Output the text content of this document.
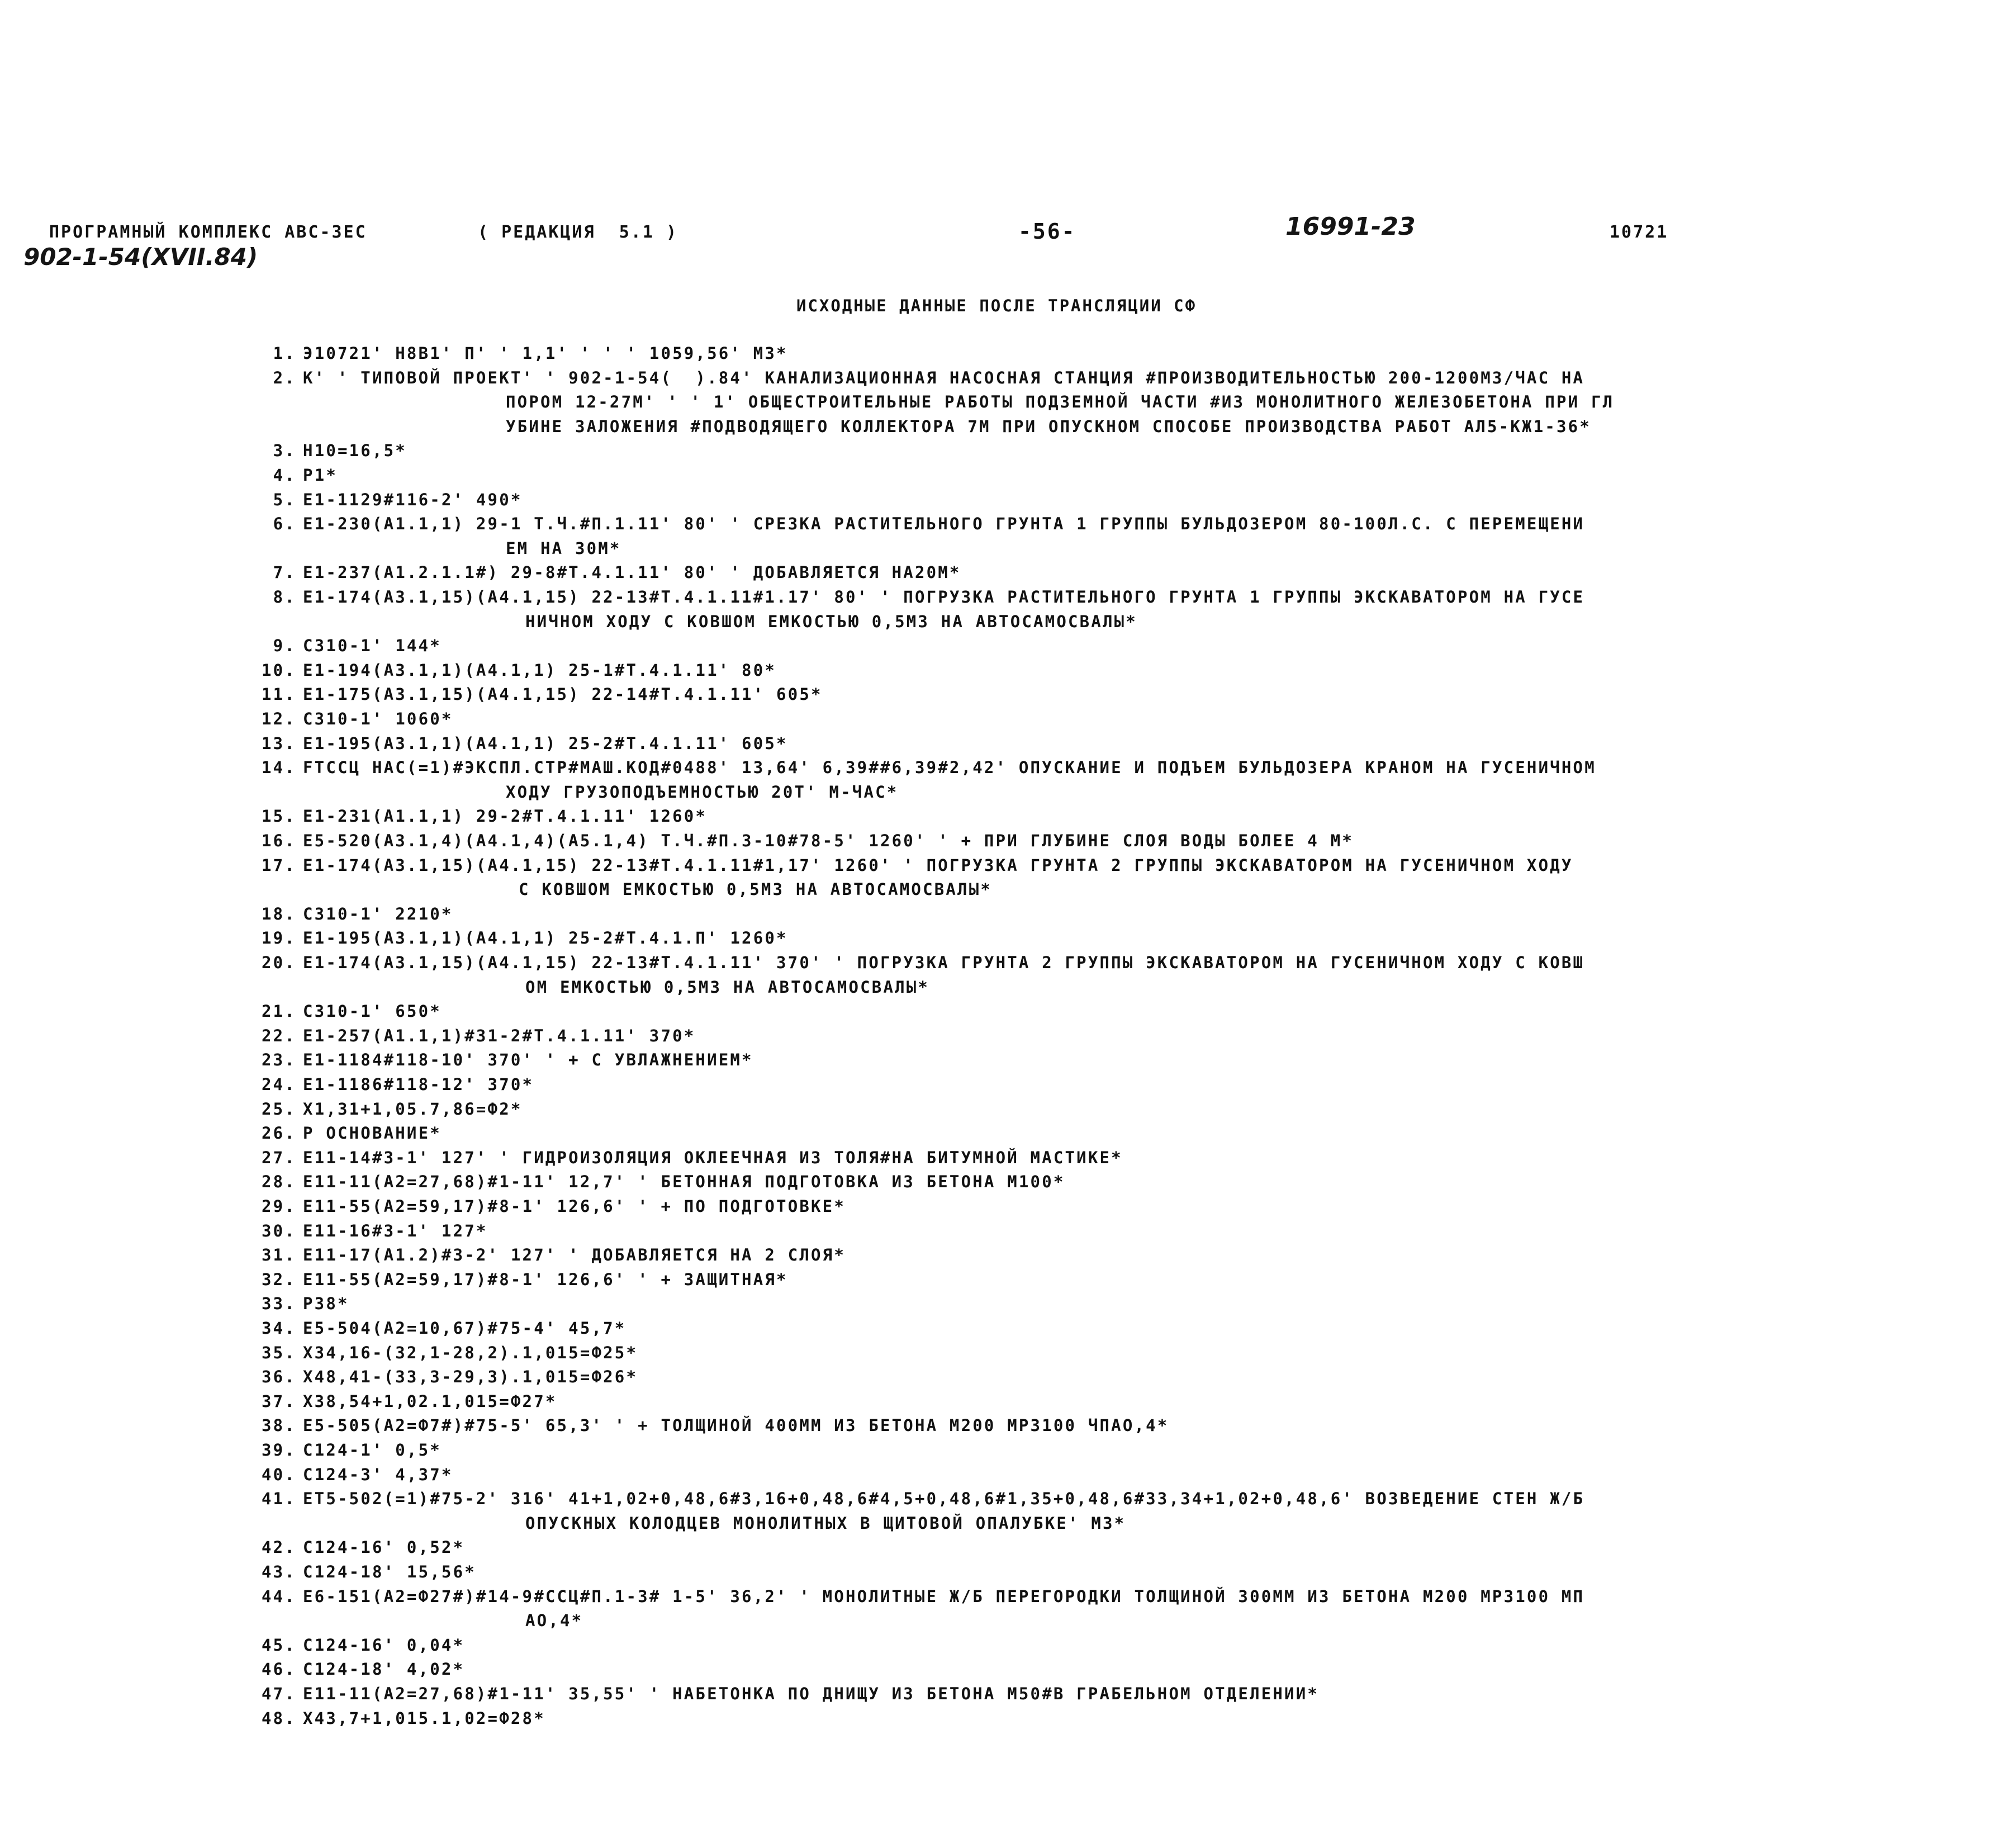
ПРОГРАМНЫЙ КОМПЛЕКС АВС-3ЕС	( РЕДАКЦИЯ  5.1 )	-56-	16991-23	10721
902-1-54(XVII.84)
ИСХОДНЫЕ ДАННЫЕ ПОСЛЕ ТРАНСЛЯЦИИ СФ
1. Э10721' Н8В1' П' ' 1,1' ' ' ' 1059,56' М3*
2. К' ' ТИПОВОЙ ПРОЕКТ' ' 902-1-54(  ).84' КАНАЛИЗАЦИОННАЯ НАСОСНАЯ СТАНЦИЯ #ПРОИЗВОДИТЕЛЬНОСТЬЮ 200-1200М3/ЧАС НА
ПОРОМ 12-27М' ' ' 1' ОБЩЕСТРОИТЕЛЬНЫЕ РАБОТЫ ПОДЗЕМНОЙ ЧАСТИ #ИЗ МОНОЛИТНОГО ЖЕЛЕЗОБЕТОНА ПРИ ГЛ
УБИНЕ ЗАЛОЖЕНИЯ #ПОДВОДЯЩЕГО КОЛЛЕКТОРА 7М ПРИ ОПУСКНОМ СПОСОБЕ ПРОИЗВОДСТВА РАБОТ АЛ5-КЖ1-36*
3. Н10=16,5*
4. Р1*
5. Е1-1129#116-2' 490*
6. Е1-230(А1.1,1) 29-1 Т.Ч.#П.1.11' 80' ' СРЕЗКА РАСТИТЕЛЬНОГО ГРУНТА 1 ГРУППЫ БУЛЬДОЗЕРОМ 80-100Л.С. С ПЕРЕМЕЩЕНИ
ЕМ НА 30М*
7. Е1-237(А1.2.1.1#) 29-8#Т.4.1.11' 80' ' ДОБАВЛЯЕТСЯ НА20М*
8. Е1-174(А3.1,15)(А4.1,15) 22-13#Т.4.1.11#1.17' 80' ' ПОГРУЗКА РАСТИТЕЛЬНОГО ГРУНТА 1 ГРУППЫ ЭКСКАВАТОРОМ НА ГУСЕ
НИЧНОМ ХОДУ С КОВШОМ ЕМКОСТЬЮ 0,5М3 НА АВТОСАМОСВАЛЫ*
9. С310-1' 144*
10. Е1-194(А3.1,1)(А4.1,1) 25-1#Т.4.1.11' 80*
11. Е1-175(А3.1,15)(А4.1,15) 22-14#Т.4.1.11' 605*
12. С310-1' 1060*
13. Е1-195(А3.1,1)(А4.1,1) 25-2#Т.4.1.11' 605*
14. FТССЦ НАС(=1)#ЭКСПЛ.СТР#МАШ.КОД#0488' 13,64' 6,39##6,39#2,42' ОПУСКАНИЕ И ПОДЪЕМ БУЛЬДОЗЕРА КРАНОМ НА ГУСЕНИЧНОМ
ХОДУ ГРУЗОПОДЪЕМНОСТЬЮ 20Т' М-ЧАС*
15. Е1-231(А1.1,1) 29-2#Т.4.1.11' 1260*
16. Е5-520(А3.1,4)(А4.1,4)(А5.1,4) Т.Ч.#П.3-10#78-5' 1260' ' + ПРИ ГЛУБИНЕ СЛОЯ ВОДЫ БОЛЕЕ 4 М*
17. Е1-174(А3.1,15)(А4.1,15) 22-13#Т.4.1.11#1,17' 1260' ' ПОГРУЗКА ГРУНТА 2 ГРУППЫ ЭКСКАВАТОРОМ НА ГУСЕНИЧНОМ ХОДУ
С КОВШОМ ЕМКОСТЬЮ 0,5М3 НА АВТОСАМОСВАЛЫ*
18. С310-1' 2210*
19. Е1-195(А3.1,1)(А4.1,1) 25-2#Т.4.1.П' 1260*
20. Е1-174(А3.1,15)(А4.1,15) 22-13#Т.4.1.11' 370' ' ПОГРУЗКА ГРУНТА 2 ГРУППЫ ЭКСКАВАТОРОМ НА ГУСЕНИЧНОМ ХОДУ С КОВШ
ОМ ЕМКОСТЬЮ 0,5М3 НА АВТОСАМОСВАЛЫ*
21. С310-1' 650*
22. Е1-257(А1.1,1)#31-2#Т.4.1.11' 370*
23. Е1-1184#118-10' 370' ' + С УВЛАЖНЕНИЕМ*
24. Е1-1186#118-12' 370*
25. X1,31+1,05.7,86=Ф2*
26. Р ОСНОВАНИЕ*
27. Е11-14#3-1' 127' ' ГИДРОИЗОЛЯЦИЯ ОКЛЕЕЧНАЯ ИЗ ТОЛЯ#НА БИТУМНОЙ МАСТИКЕ*
28. Е11-11(А2=27,68)#1-11' 12,7' ' БЕТОННАЯ ПОДГОТОВКА ИЗ БЕТОНА М100*
29. Е11-55(А2=59,17)#8-1' 126,6' ' + ПО ПОДГОТОВКЕ*
30. Е11-16#3-1' 127*
31. Е11-17(А1.2)#3-2' 127' ' ДОБАВЛЯЕТСЯ НА 2 СЛОЯ*
32. Е11-55(А2=59,17)#8-1' 126,6' ' + ЗАЩИТНАЯ*
33. Р38*
34. Е5-504(А2=10,67)#75-4' 45,7*
35. X34,16-(32,1-28,2).1,015=Ф25*
36. X48,41-(33,3-29,3).1,015=Ф26*
37. X38,54+1,02.1,015=Ф27*
38. Е5-505(А2=Ф7#)#75-5' 65,3' ' + ТОЛЩИНОЙ 400ММ ИЗ БЕТОНА М200 МРЗ100 ЧПАО,4*
39. С124-1' 0,5*
40. С124-3' 4,37*
41. ЕТ5-502(=1)#75-2' 316' 41+1,02+0,48,6#3,16+0,48,6#4,5+0,48,6#1,35+0,48,6#33,34+1,02+0,48,6' ВОЗВЕДЕНИЕ СТЕН Ж/Б
ОПУСКНЫХ КОЛОДЦЕВ МОНОЛИТНЫХ В ЩИТОВОЙ ОПАЛУБКЕ' М3*
42. С124-16' 0,52*
43. С124-18' 15,56*
44. Е6-151(А2=Ф27#)#14-9#ССЦ#П.1-3# 1-5' 36,2' ' МОНОЛИТНЫЕ Ж/Б ПЕРЕГОРОДКИ ТОЛЩИНОЙ 300ММ ИЗ БЕТОНА М200 МРЗ100 МП
АО,4*
45. С124-16' 0,04*
46. С124-18' 4,02*
47. Е11-11(А2=27,68)#1-11' 35,55' ' НАБЕТОНКА ПО ДНИЩУ ИЗ БЕТОНА М50#В ГРАБЕЛЬНОМ ОТДЕЛЕНИИ*
48. X43,7+1,015.1,02=Ф28*
